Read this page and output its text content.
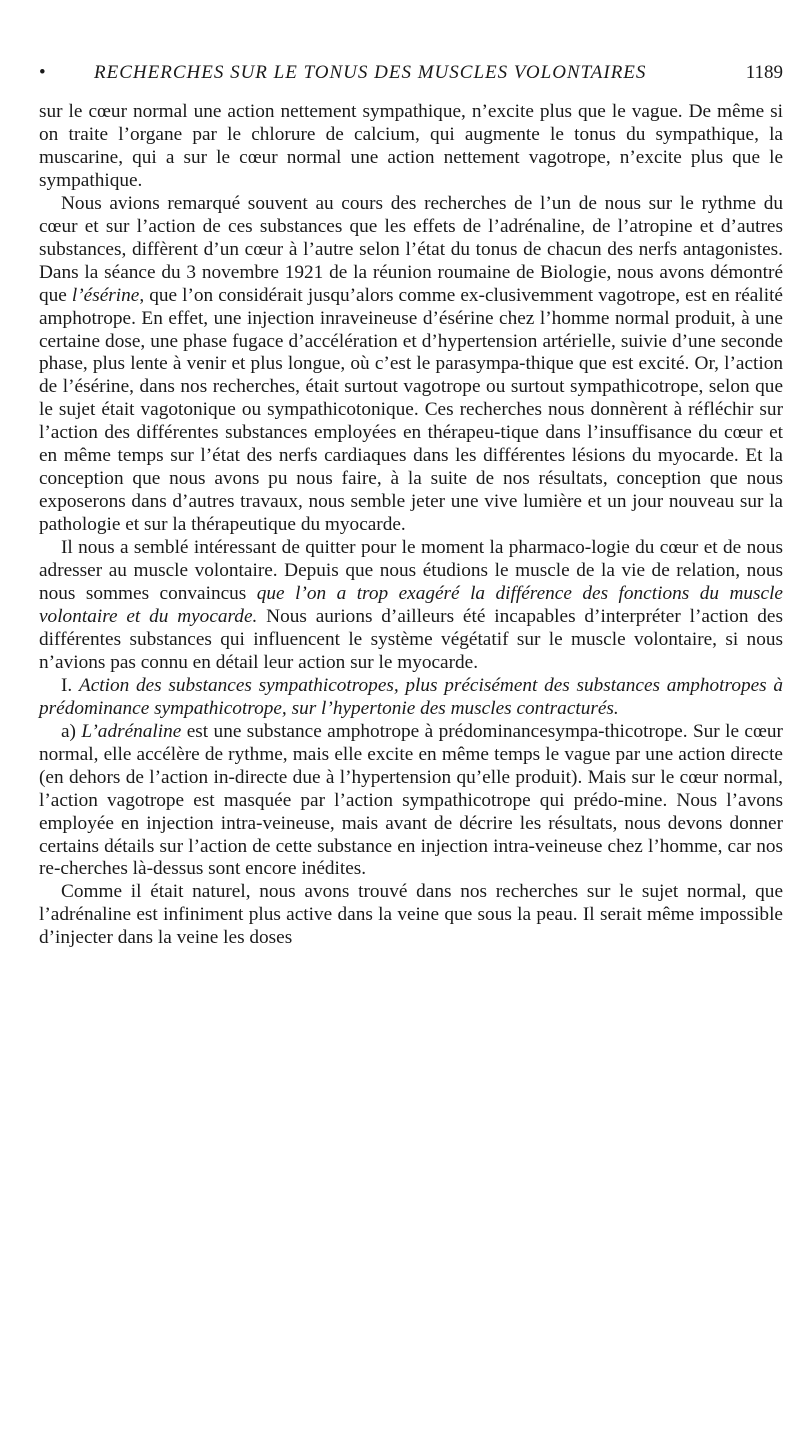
•	RECHERCHES SUR LE TONUS DES MUSCLES VOLONTAIRES	1189

sur le cœur normal une action nettement sympathique, n’excite plus que le vague. De même si on traite l’organe par le chlorure de calcium, qui augmente le tonus du sympathique, la muscarine, qui a sur le cœur normal une action nettement vagotrope, n’excite plus que le sympathique.

Nous avions remarqué souvent au cours des recherches de l’un de nous sur le rythme du cœur et sur l’action de ces substances que les effets de l’adrénaline, de l’atropine et d’autres substances, diffèrent d’un cœur à l’autre selon l’état du tonus de chacun des nerfs antagonistes. Dans la séance du 3 novembre 1921 de la réunion roumaine de Biologie, nous avons démontré que l’ésérine, que l’on considérait jusqu’alors comme ex-clusivemment vagotrope, est en réalité amphotrope. En effet, une injection inraveineuse d’ésérine chez l’homme normal produit, à une certaine dose, une phase fugace d’accélération et d’hypertension artérielle, suivie d’une seconde phase, plus lente à venir et plus longue, où c’est le parasympa-thique que est excité. Or, l’action de l’ésérine, dans nos recherches, était surtout vagotrope ou surtout sympathicotrope, selon que le sujet était vagotonique ou sympathicotonique. Ces recherches nous donnèrent à réfléchir sur l’action des différentes substances employées en thérapeu-tique dans l’insuffisance du cœur et en même temps sur l’état des nerfs cardiaques dans les différentes lésions du myocarde. Et la conception que nous avons pu nous faire, à la suite de nos résultats, conception que nous exposerons dans d’autres travaux, nous semble jeter une vive lumière et un jour nouveau sur la pathologie et sur la thérapeutique du myocarde.

Il nous a semblé intéressant de quitter pour le moment la pharmaco-logie du cœur et de nous adresser au muscle volontaire. Depuis que nous étudions le muscle de la vie de relation, nous nous sommes convaincus que l’on a trop exagéré la différence des fonctions du muscle volontaire et du myocarde. Nous aurions d’ailleurs été incapables d’interpréter l’action des différentes substances qui influencent le système végétatif sur le muscle volontaire, si nous n’avions pas connu en détail leur action sur le myocarde.

I. Action des substances sympathicotropes, plus précisément des substances amphotropes à prédominance sympathicotrope, sur l’hypertonie des muscles contracturés.

a) L’adrénaline est une substance amphotrope à prédominancesympa-thicotrope. Sur le cœur normal, elle accélère de rythme, mais elle excite en même temps le vague par une action directe (en dehors de l’action in-directe due à l’hypertension qu’elle produit). Mais sur le cœur normal, l’action vagotrope est masquée par l’action sympathicotrope qui prédo-mine. Nous l’avons employée en injection intra-veineuse, mais avant de décrire les résultats, nous devons donner certains détails sur l’action de cette substance en injection intra-veineuse chez l’homme, car nos re-cherches là-dessus sont encore inédites.

Comme il était naturel, nous avons trouvé dans nos recherches sur le sujet normal, que l’adrénaline est infiniment plus active dans la veine que sous la peau. Il serait même impossible d’injecter dans la veine les doses
